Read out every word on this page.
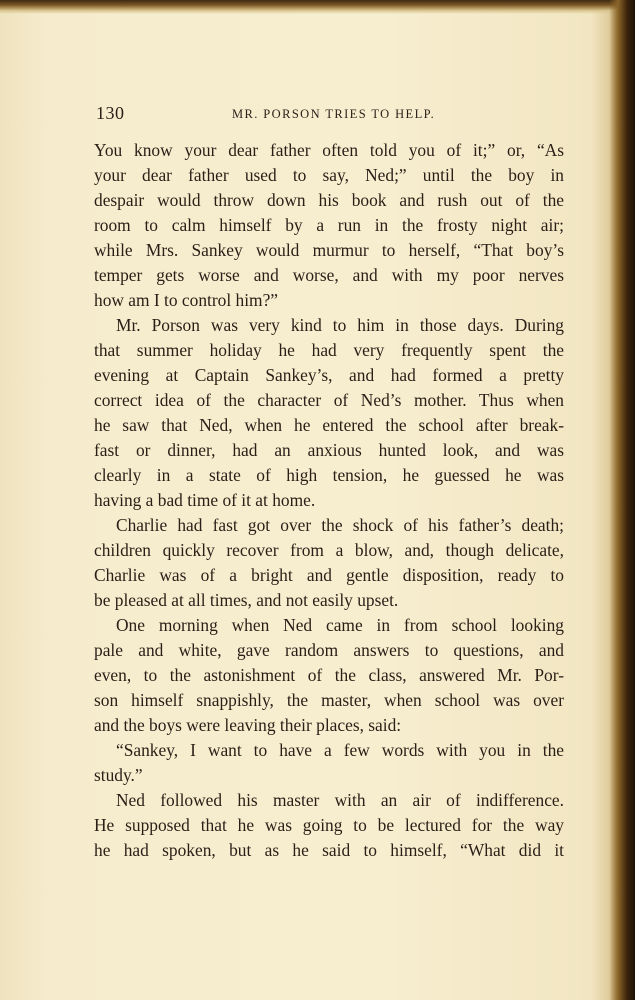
130	MR. PORSON TRIES TO HELP.
You know your dear father often told you of it;” or, “As
your dear father used to say, Ned;” until the boy in
despair would throw down his book and rush out of the
room to calm himself by a run in the frosty night air;
while Mrs. Sankey would murmur to herself, “That boy’s
temper gets worse and worse, and with my poor nerves
how am I to control him?”
Mr. Porson was very kind to him in those days. During
that summer holiday he had very frequently spent the
evening at Captain Sankey’s, and had formed a pretty
correct idea of the character of Ned’s mother. Thus when
he saw that Ned, when he entered the school after break-
fast or dinner, had an anxious hunted look, and was
clearly in a state of high tension, he guessed he was
having a bad time of it at home.
Charlie had fast got over the shock of his father’s death;
children quickly recover from a blow, and, though delicate,
Charlie was of a bright and gentle disposition, ready to
be pleased at all times, and not easily upset.
One morning when Ned came in from school looking
pale and white, gave random answers to questions, and
even, to the astonishment of the class, answered Mr. Por-
son himself snappishly, the master, when school was over
and the boys were leaving their places, said:
“Sankey, I want to have a few words with you in the
study.”
Ned followed his master with an air of indifference.
He supposed that he was going to be lectured for the way
he had spoken, but as he said to himself, “What did it
